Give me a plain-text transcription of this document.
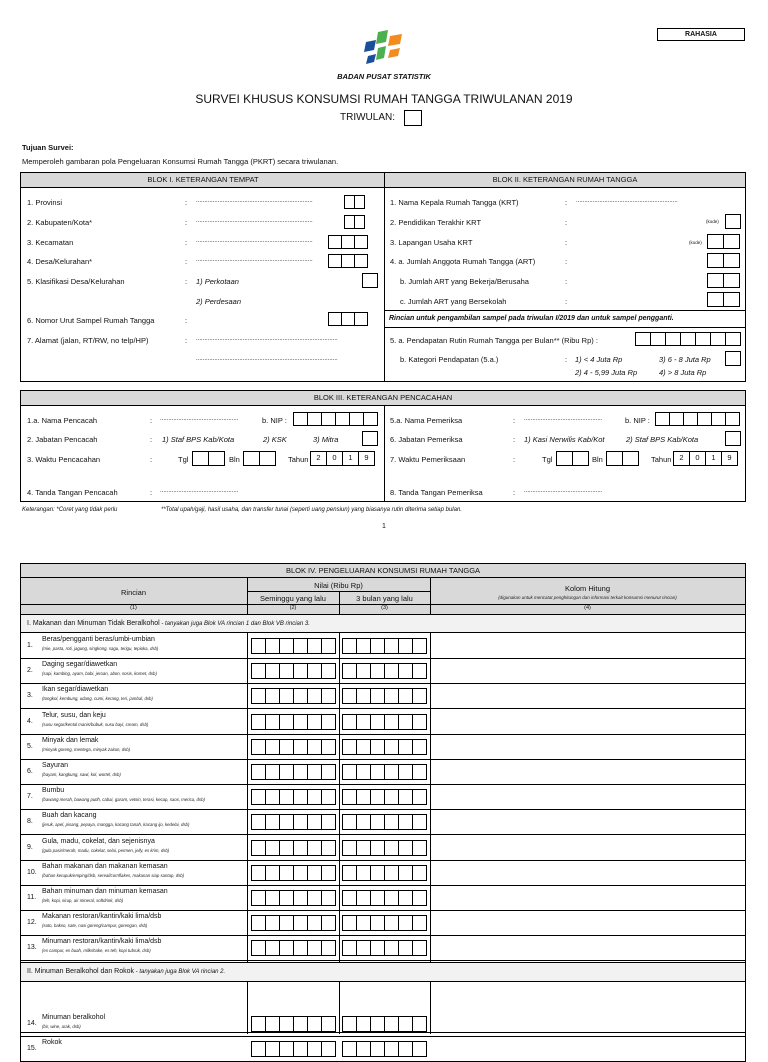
RAHASIA
BADAN PUSAT STATISTIK
SURVEI KHUSUS KONSUMSI RUMAH TANGGA TRIWULANAN 2019
TRIWULAN:
Tujuan Survei:
Memperoleh gambaran pola Pengeluaran Konsumsi Rumah Tangga (PKRT) secara triwulanan.
BLOK I. KETERANGAN TEMPAT	BLOK II. KETERANGAN RUMAH TANGGA
1. Provinsi	: ......................................................................
2. Kabupaten/Kota*	: ......................................................................
3. Kecamatan	: ......................................................................
4. Desa/Kelurahan*	: ......................................................................
5. Klasifikasi Desa/Kelurahan	: 1) Perkotaan
2) Perdesaan
6. Nomor Urut Sampel Rumah Tangga	:
7. Alamat (jalan, RT/RW, no telp/HP)	: .....................................................................................
.....................................................................................
1. Nama Kepala Rumah Tangga (KRT)	: .............................................................
2. Pendidikan Terakhir KRT	:	(kode)
3. Lapangan Usaha KRT	:	(kode)
4. a. Jumlah Anggota Rumah Tangga (ART)	:
b. Jumlah ART yang Bekerja/Berusaha	:
c. Jumlah ART yang Bersekolah	:
Rincian untuk pengambilan sampel pada triwulan I/2019 dan untuk sampel pengganti.
5. a. Pendapatan Rutin Rumah Tangga per Bulan** (Ribu Rp) :
b. Kategori Pendapatan (5.a.)	: 1) < 4 Juta Rp
2) 4 - 5,99 Juta Rp
3) 6 - 8 Juta Rp
4) > 8 Juta Rp
BLOK III. KETERANGAN PENCACAHAN
1.a. Nama Pencacah	: ...............................................	b. NIP :
2. Jabatan Pencacah	: 1) Staf BPS Kab/Kota	2) KSK	3) Mitra
3. Waktu Pencacahan	:	Tgl	Bln	Tahun	2	0	1	9
4. Tanda Tangan Pencacah	: ...............................................
5.a. Nama Pemeriksa	: ...............................................	b. NIP :
6. Jabatan Pemeriksa	: 1) Kasi Nerwilis Kab/Kot	2) Staf BPS Kab/Kota
7. Waktu Pemeriksaan	:	Tgl	Bln	Tahun	2	0	1	9
8. Tanda Tangan Pemeriksa	: ...............................................
Keterangan: *Coret yang tidak perlu	**Total upah/gaji, hasil usaha, dan transfer tunai (seperti uang pensiun) yang biasanya rutin diterima setiap bulan.
1
BLOK IV. PENGELUARAN KONSUMSI RUMAH TANGGA
Rincian
Nilai (Ribu Rp)
Seminggu yang lalu	3 bulan yang lalu
Kolom Hitung
(digunakan untuk mencatat penghitungan dan informasi terkait konsumsi menurut rincian)
(1)	(2)	(3)	(4)
I. Makanan dan Minuman Tidak Beralkohol - tanyakan juga Blok VA rincian 1 dan Blok VB rincian 3.
1.
Beras/pengganti beras/umbi-umbian
(mie, pasta, roti, jagung, singkong, sagu, terigu, tepioka, dsb)
2.
Daging segar/diawetkan
(sapi, kambing, ayam, babi, jeroan, abon, sosis, kornet, dsb)
3.
Ikan segar/diawetkan
(tongkol, kembung, udang, cumi, kerang, teri, jambal, dsb)
4.
Telur, susu, dan keju
(susu segar/kental manis/bubuk, susu bayi, cream, dsb)
5.
Minyak dan lemak
(minyak goreng, mentega, minyak zaitun, dsb)
6.
Sayuran
(bayam, kangkung, sawi, kol, wortel, dsb)
7.
Bumbu
(bawang merah, bawang putih, cabai, garam, vetsin, terasi, kecap, saos, merica, dsb)
8.
Buah dan kacang
(jeruk, apel, pisang, pepaya, mangga, kacang tanah, kacang ijo, kedelai, dsb)
9.
Gula, madu, cokelat, dan sejenisnya
(gula pasir/merah, madu, cokelat, selai, permen, jelly, es krim, dsb)
10.
Bahan makanan dan makanan kemasan
(bahan kerupuk/emping/dsb, sereal/cornflakes, makanan siap santap, dsb)
11.
Bahan minuman dan minuman kemasan
(teh, kopi, sirup, air mineral, softdrink, dsb)
12.
Makanan restoran/kantin/kaki lima/dsb
(soto, bakso, sate, nasi goreng/campur, gorengan, dsb)
13.
Minuman restoran/kantin/kaki lima/dsb
(es campur, es buah, milkshake, es teh, kopi tubruk, dsb)
II. Minuman Beralkohol dan Rokok - tanyakan juga Blok VA rincian 2.
14.
Minuman beralkohol
(bir, wine, arak, dsb)
15.
Rokok
